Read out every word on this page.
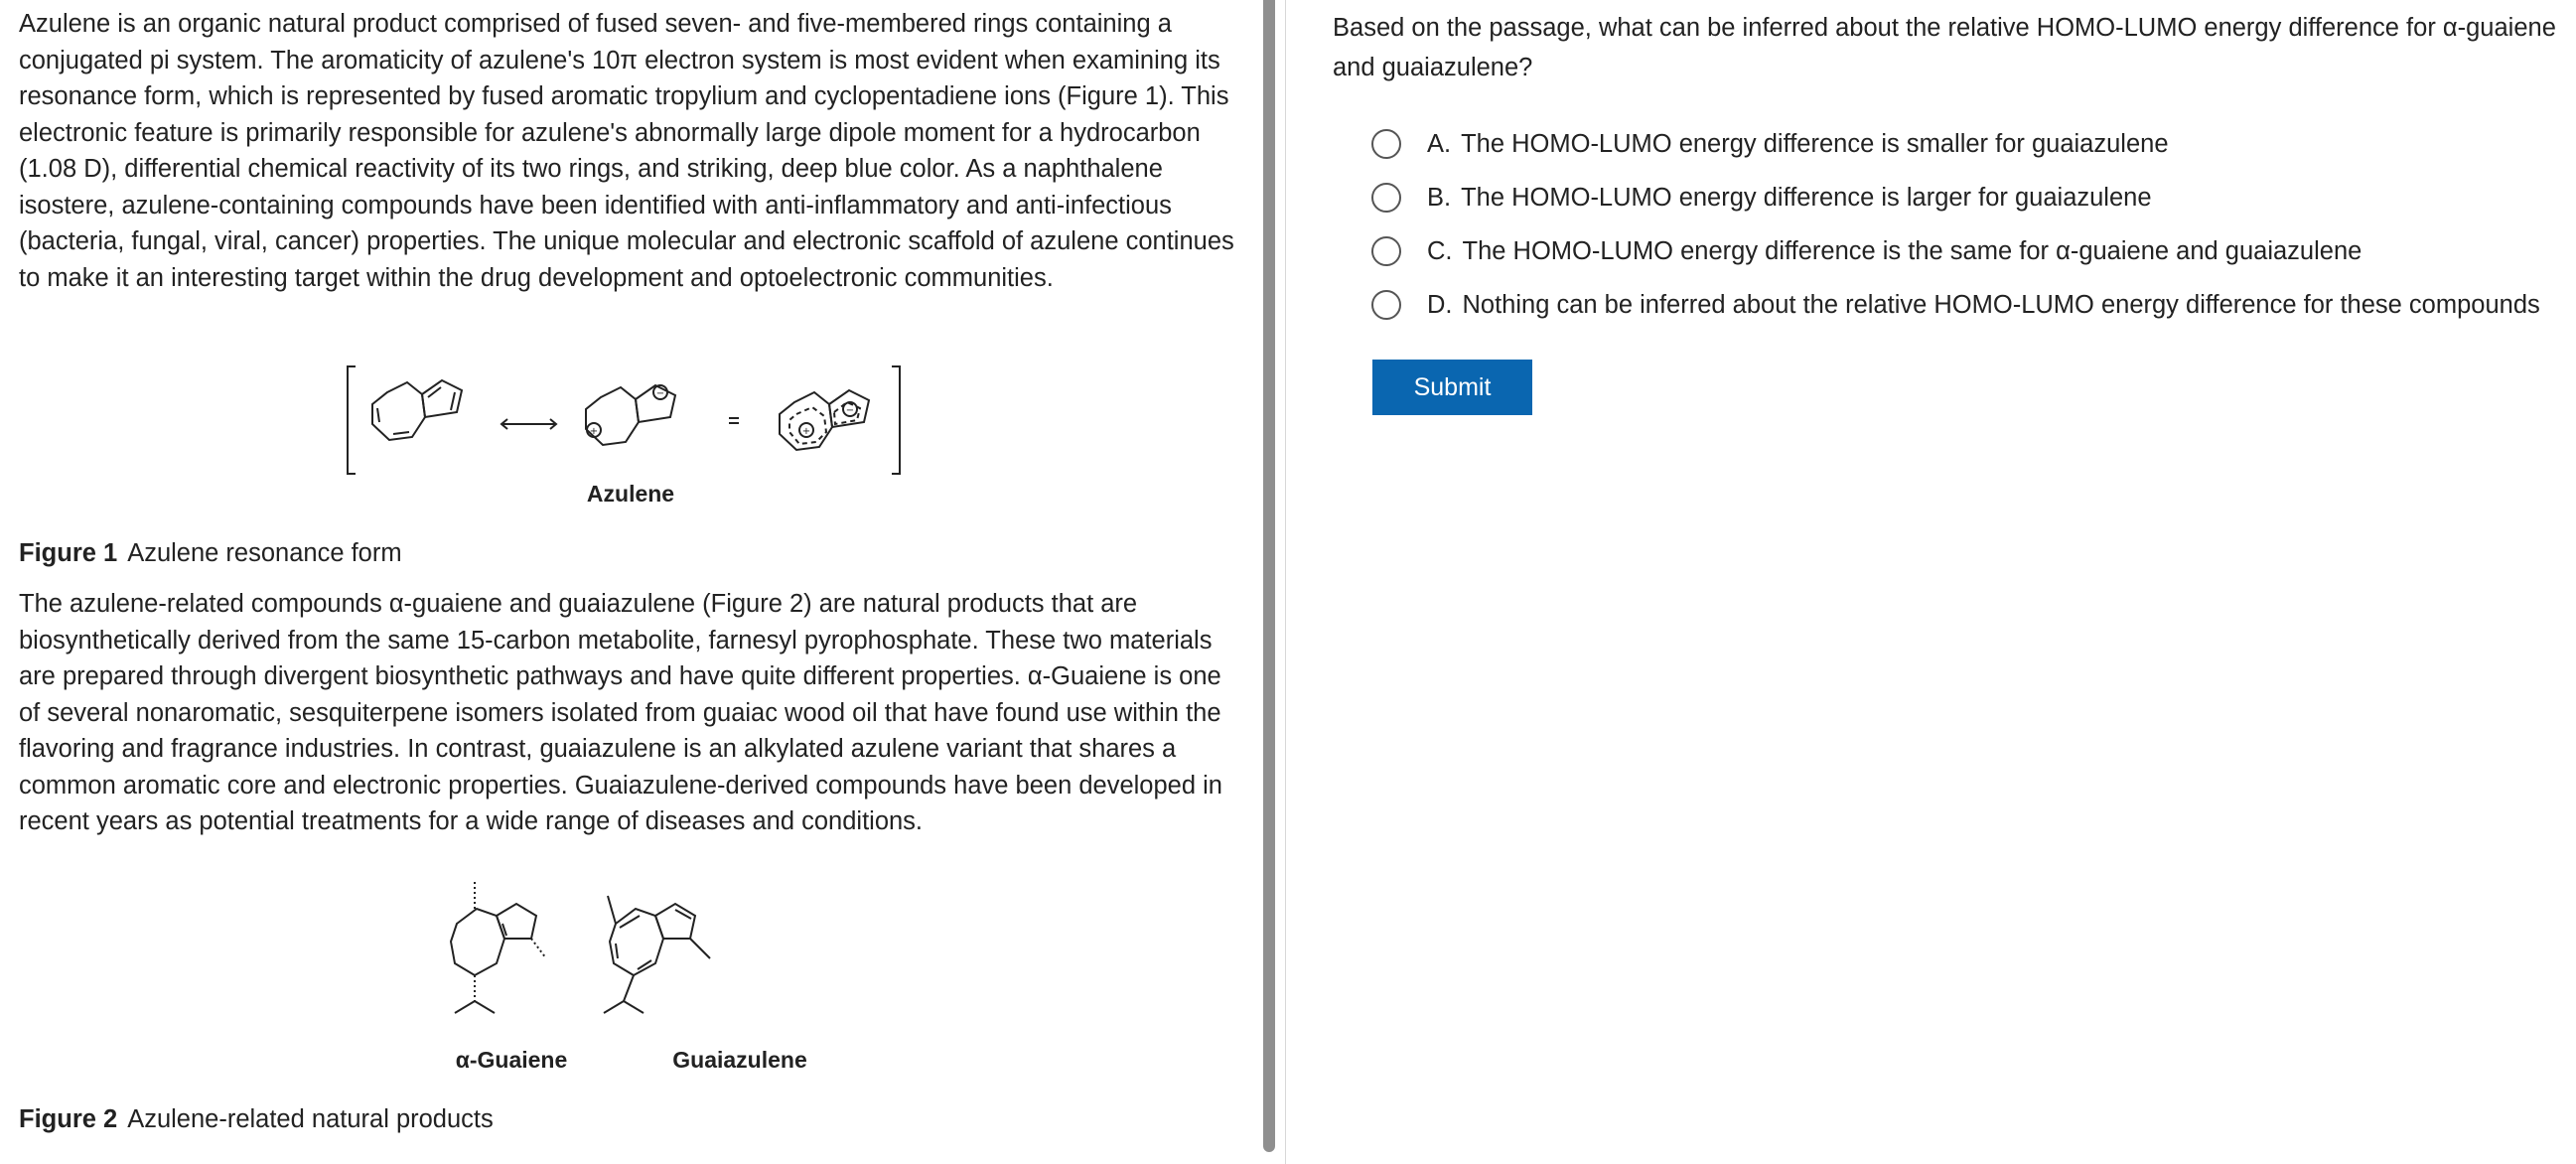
Azulene is an organic natural product comprised of fused seven- and five-membered rings containing a conjugated pi system. The aromaticity of azulene's 10π electron system is most evident when examining its resonance form, which is represented by fused aromatic tropylium and cyclopentadiene ions (Figure 1). This electronic feature is primarily responsible for azulene's abnormally large dipole moment for a hydrocarbon (1.08 D), differential chemical reactivity of its two rings, and striking, deep blue color. As a naphthalene isostere, azulene-containing compounds have been identified with anti-inflammatory and anti-infectious (bacteria, fungal, viral, cancer) properties. The unique molecular and electronic scaffold of azulene continues to make it an interesting target within the drug development and optoelectronic communities.

+
−
+
−
Azulene

Figure 1 Azulene resonance form

The azulene-related compounds α-guaiene and guaiazulene (Figure 2) are natural products that are biosynthetically derived from the same 15-carbon metabolite, farnesyl pyrophosphate. These two materials are prepared through divergent biosynthetic pathways and have quite different properties. α-Guaiene is one of several nonaromatic, sesquiterpene isomers isolated from guaiac wood oil that have found use within the flavoring and fragrance industries. In contrast, guaiazulene is an alkylated azulene variant that shares a common aromatic core and electronic properties. Guaiazulene-derived compounds have been developed in recent years as potential treatments for a wide range of diseases and conditions.

α-Guaiene	Guaiazulene

Figure 2 Azulene-related natural products

Based on the passage, what can be inferred about the relative HOMO-LUMO energy difference for α-guaiene and guaiazulene?

A. The HOMO-LUMO energy difference is smaller for guaiazulene
B. The HOMO-LUMO energy difference is larger for guaiazulene
C. The HOMO-LUMO energy difference is the same for α-guaiene and guaiazulene
D. Nothing can be inferred about the relative HOMO-LUMO energy difference for these compounds
Submit
